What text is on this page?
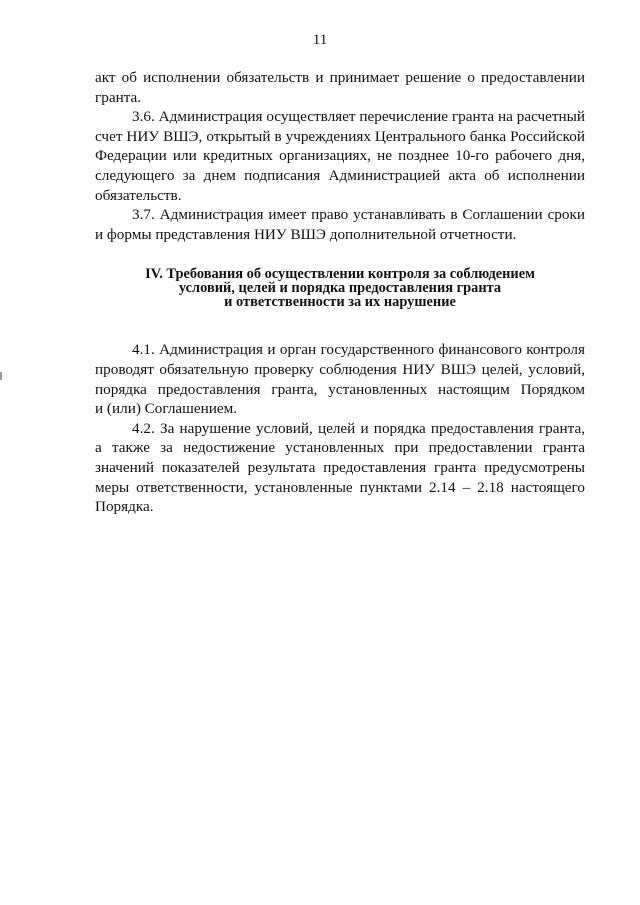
11

акт об исполнении обязательств и принимает решение о предоставлении
гранта.

3.6. Администрация осуществляет перечисление гранта на расчетный
счет НИУ ВШЭ, открытый в учреждениях Центрального банка Российской
Федерации или кредитных организациях, не позднее 10-го рабочего дня,
следующего за днем подписания Администрацией акта об исполнении
обязательств.

3.7. Администрация имеет право устанавливать в Соглашении сроки
и формы представления НИУ ВШЭ дополнительной отчетности.

IV. Требования об осуществлении контроля за соблюдением
условий, целей и порядка предоставления гранта
и ответственности за их нарушение

4.1. Администрация и орган государственного финансового контроля
проводят обязательную проверку соблюдения НИУ ВШЭ целей, условий,
порядка предоставления гранта, установленных настоящим Порядком
и (или) Соглашением.

4.2. За нарушение условий, целей и порядка предоставления гранта,
а также за недостижение установленных при предоставлении гранта
значений показателей результата предоставления гранта предусмотрены
меры ответственности, установленные пунктами 2.14 – 2.18 настоящего
Порядка.
